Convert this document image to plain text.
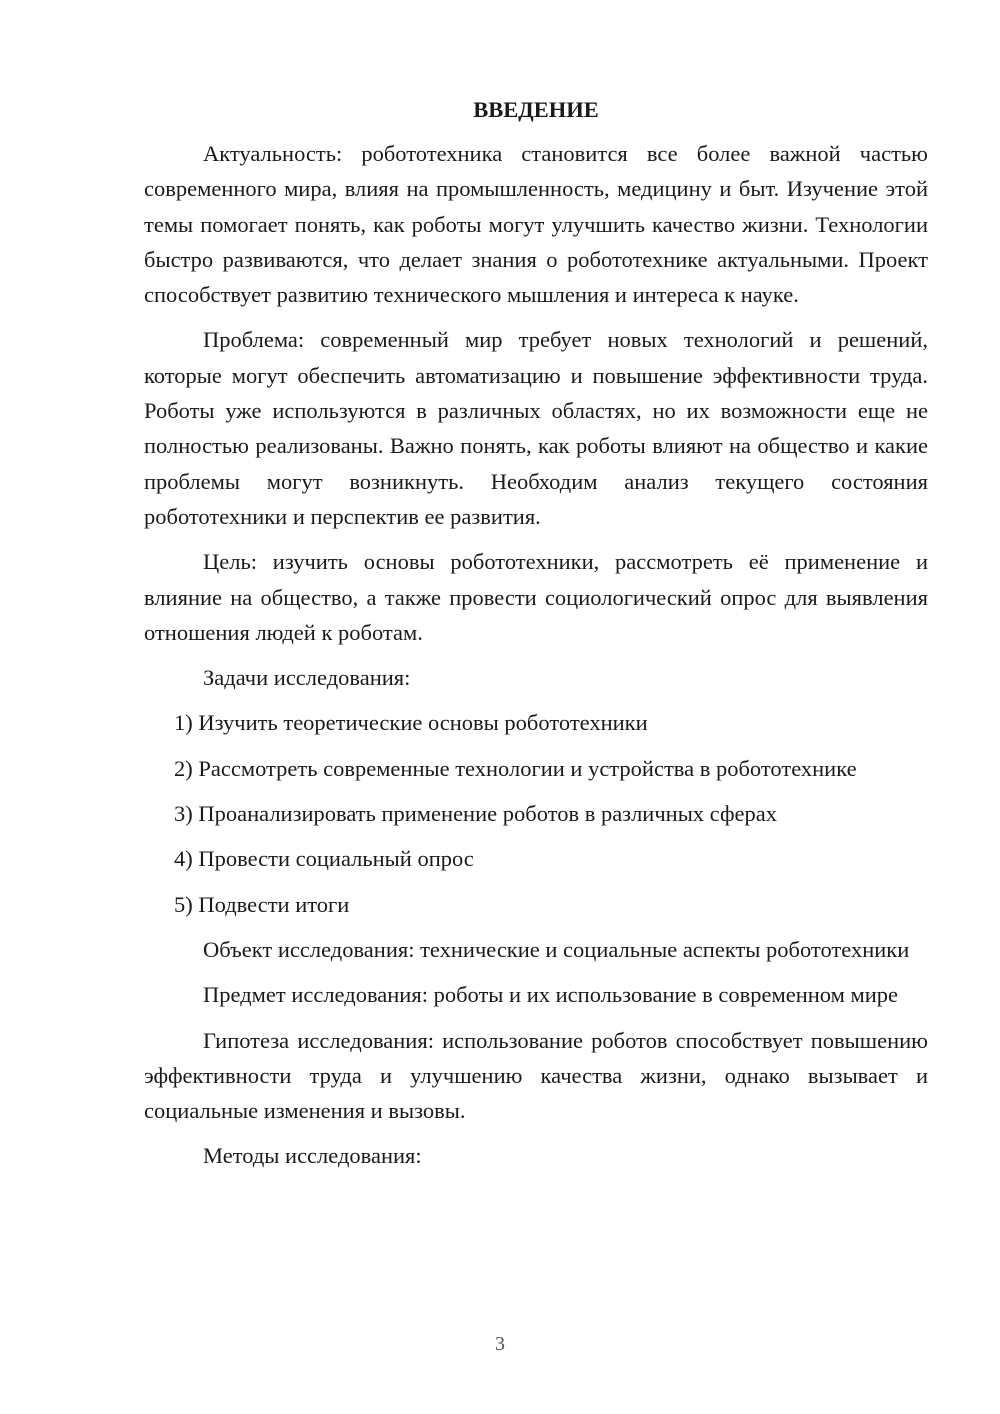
ВВЕДЕНИЕ

Актуальность: робототехника становится все более важной частью современного мира, влияя на промышленность, медицину и быт. Изучение этой темы помогает понять, как роботы могут улучшить качество жизни. Технологии быстро развиваются, что делает знания о робототехнике актуальными. Проект способствует развитию технического мышления и интереса к науке.

Проблема: современный мир требует новых технологий и решений, которые могут обеспечить автоматизацию и повышение эффективности труда. Роботы уже используются в различных областях, но их возможности еще не полностью реализованы. Важно понять, как роботы влияют на общество и какие проблемы могут возникнуть. Необходим анализ текущего состояния робототехники и перспектив ее развития.

Цель: изучить основы робототехники, рассмотреть её применение и влияние на общество, а также провести социологический опрос для выявления отношения людей к роботам.

Задачи исследования:

1) Изучить теоретические основы робототехники
2) Рассмотреть современные технологии и устройства в робототехнике
3) Проанализировать применение роботов в различных сферах
4) Провести социальный опрос
5) Подвести итоги

Объект исследования: технические и социальные аспекты робототехники

Предмет исследования: роботы и их использование в современном мире

Гипотеза исследования: использование роботов способствует повышению эффективности труда и улучшению качества жизни, однако вызывает и социальные изменения и вызовы.

Методы исследования:

3
